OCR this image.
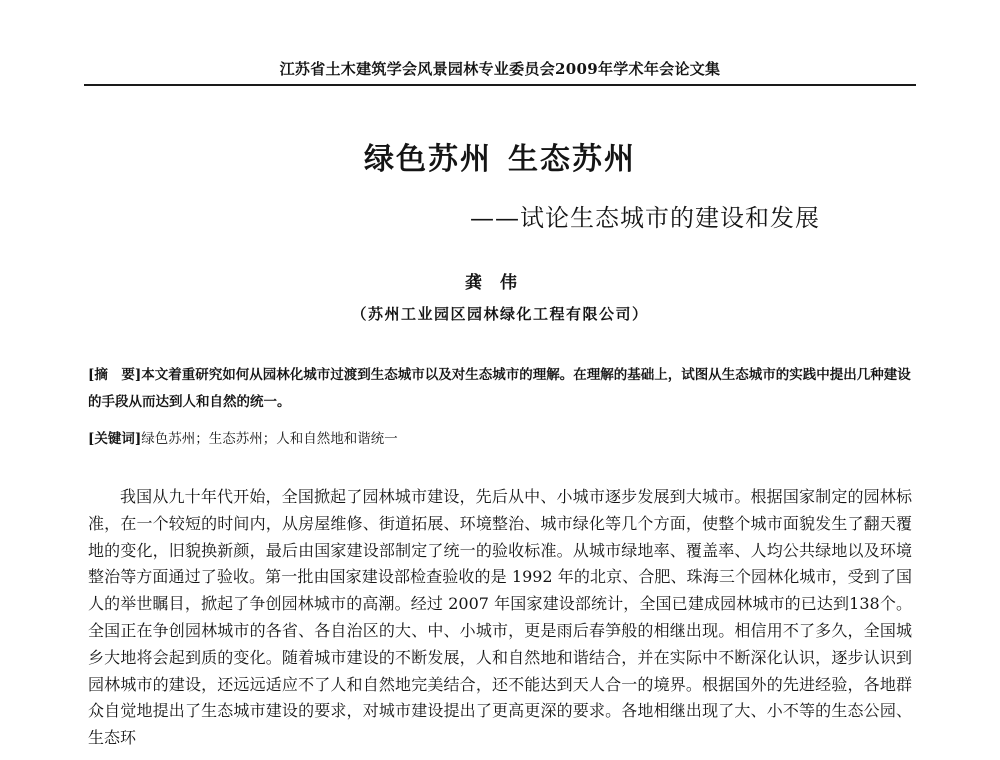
江苏省土木建筑学会风景园林专业委员会2009年学术年会论文集
绿色苏州 生态苏州
——试论生态城市的建设和发展
龚伟
（苏州工业园区园林绿化工程有限公司）
[摘　要]本文着重研究如何从园林化城市过渡到生态城市以及对生态城市的理解。在理解的基础上，试图从生态城市的实践中提出几种建设的手段从而达到人和自然的统一。
[关键词]绿色苏州；生态苏州；人和自然地和谐统一

我国从九十年代开始，全国掀起了园林城市建设，先后从中、小城市逐步发展到大城市。根据国家制定的园林标准，在一个较短的时间内，从房屋维修、街道拓展、环境整治、城市绿化等几个方面，使整个城市面貌发生了翻天覆地的变化，旧貌换新颜，最后由国家建设部制定了统一的验收标准。从城市绿地率、覆盖率、人均公共绿地以及环境整治等方面通过了验收。第一批由国家建设部检查验收的是 1992 年的北京、合肥、珠海三个园林化城市，受到了国人的举世瞩目，掀起了争创园林城市的高潮。经过 2007 年国家建设部统计，全国已建成园林城市的已达到138个。全国正在争创园林城市的各省、各自治区的大、中、小城市，更是雨后春笋般的相继出现。相信用不了多久，全国城乡大地将会起到质的变化。随着城市建设的不断发展，人和自然地和谐结合，并在实际中不断深化认识，逐步认识到园林城市的建设，还远远适应不了人和自然地完美结合，还不能达到天人合一的境界。根据国外的先进经验，各地群众自觉地提出了生态城市建设的要求，对城市建设提出了更高更深的要求。各地相继出现了大、小不等的生态公园、生态环
